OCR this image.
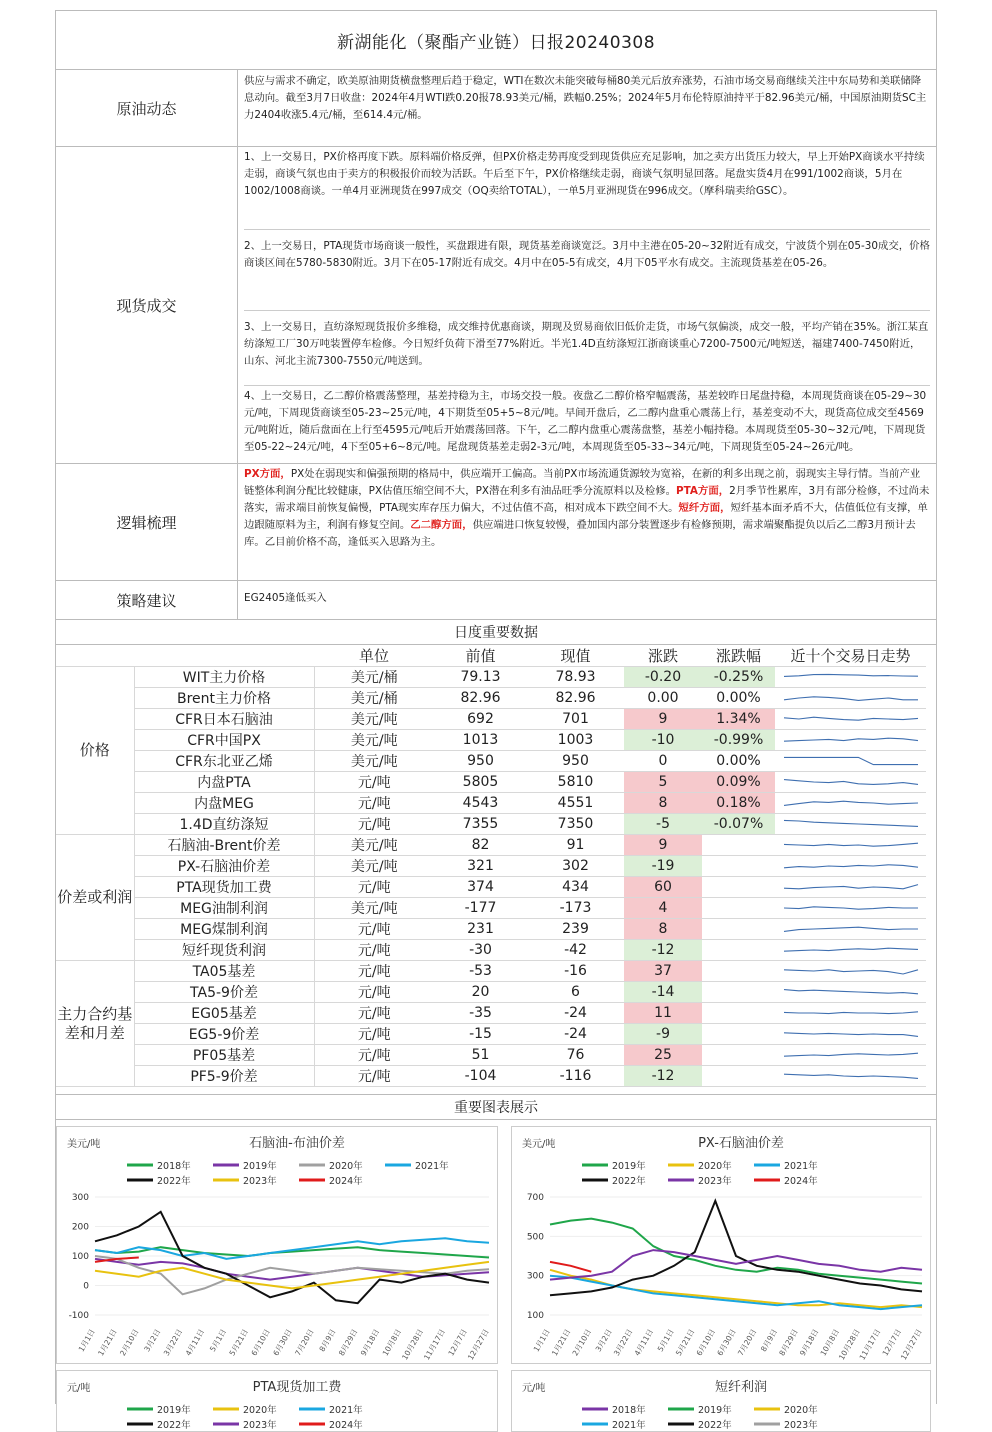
新湖能化（聚酯产业链）日报20240308
原油动态
供应与需求不确定，欧美原油期货横盘整理后趋于稳定，WTI在数次未能突破每桶80美元后放弃涨势，石油市场交易商继续关注中东局势和美联储降息动向。截至3月7日收盘：2024年4月WTI跌0.20报78.93美元/桶，跌幅0.25%；2024年5月布伦特原油持平于82.96美元/桶，中国原油期货SC主力2404收涨5.4元/桶，至614.4元/桶。
现货成交
1、上一交易日，PX价格再度下跌。原料端价格反弹，但PX价格走势再度受到现货供应充足影响，加之卖方出货压力较大，早上开始PX商谈水平持续走弱，商谈气氛也由于卖方的积极报价而较为活跃。午后至下午，PX价格继续走弱，商谈气氛明显回落。尾盘实货4月在991/1002商谈，5月在1002/1008商谈。一单4月亚洲现货在997成交（OQ卖给TOTAL），一单5月亚洲现货在996成交。（摩科瑞卖给GSC）。
2、上一交易日，PTA现货市场商谈一般性，买盘跟进有限，现货基差商谈宽泛。3月中主港在05-20~32附近有成交，宁波货个别在05-30成交，价格商谈区间在5780-5830附近。3月下在05-17附近有成交。4月中在05-5有成交，4月下05平水有成交。主流现货基差在05-26。
3、上一交易日，直纺涤短现货报价多维稳，成交维持优惠商谈，期现及贸易商依旧低价走货，市场气氛偏淡，成交一般，平均产销在35%。浙江某直纺涤短工厂30万吨装置停车检修。今日短纤负荷下滑至77%附近。半光1.4D直纺涤短江浙商谈重心7200-7500元/吨短送，福建7400-7450附近，山东、河北主流7300-7550元/吨送到。
4、上一交易日，乙二醇价格震荡整理，基差持稳为主，市场交投一般。夜盘乙二醇价格窄幅震荡，基差较昨日尾盘持稳，本周现货商谈在05-29~30元/吨，下周现货商谈至05-23~25元/吨，4下期货至05+5~8元/吨。早间开盘后，乙二醇内盘重心震荡上行，基差变动不大，现货高位成交至4569元/吨附近，随后盘面在上行至4595元/吨后开始震荡回落。下午，乙二醇内盘重心震荡盘整，基差小幅持稳。本周现货至05-30~32元/吨，下周现货至05-22~24元/吨，4下至05+6~8元/吨。尾盘现货基差走弱2-3元/吨，本周现货至05-33~34元/吨，下周现货至05-24~26元/吨。
逻辑梳理
PX方面，PX处在弱现实和偏强预期的格局中，供应端开工偏高。当前PX市场流通货源较为宽裕，在新的利多出现之前，弱现实主导行情。当前产业链整体利润分配比较健康，PX估值压缩空间不大，PX潜在利多有油品旺季分流原料以及检修。PTA方面，2月季节性累库，3月有部分检修，不过尚未落实，需求端目前恢复偏慢，PTA现实库存压力偏大，不过估值不高，相对成本下跌空间不大。短纤方面，短纤基本面矛盾不大，估值低位有支撑，单边跟随原料为主，利润有修复空间。乙二醇方面，供应端进口恢复较慢，叠加国内部分装置逐步有检修预期，需求端聚酯提负以后乙二醇3月预计去库。乙目前价格不高，逢低买入思路为主。
策略建议	EG2405逢低买入
日度重要数据
		单位	前值	现值	涨跌	涨跌幅	近十个交易日走势
价格	WIT主力价格	美元/桶	79.13	78.93	-0.20	-0.25%	

	Brent主力价格	美元/桶	82.96	82.96	0.00	0.00%	

	CFR日本石脑油	美元/吨	692	701	9	1.34%	

	CFR中国PX	美元/吨	1013	1003	-10	-0.99%	

	CFR东北亚乙烯	美元/吨	950	950	0	0.00%	

	内盘PTA	元/吨	5805	5810	5	0.09%	

	内盘MEG	元/吨	4543	4551	8	0.18%	

	1.4D直纺涤短	元/吨	7355	7350	-5	-0.07%	

价差或利润	石脑油-Brent价差	美元/吨	82	91	9		

	PX-石脑油价差	美元/吨	321	302	-19		

	PTA现货加工费	元/吨	374	434	60		

	MEG油制利润	美元/吨	-177	-173	4		

	MEG煤制利润	元/吨	231	239	8		

	短纤现货利润	元/吨	-30	-42	-12		

主力合约基差和月差	TA05基差	元/吨	-53	-16	37		

	TA5-9价差	元/吨	20	6	-14		

	EG05基差	元/吨	-35	-24	11		

	EG5-9价差	元/吨	-15	-24	-9		

	PF05基差	元/吨	51	76	25		

	PF5-9价差	元/吨	-104	-116	-12		
重要图表展示
美元/吨	石脑油-布油价差
2018年	2019年	2020年	2021年
2022年	2023年	2024年
300
200
100
0
-100
1月1日 1月21日 2月10日 3月2日 3月22日 4月11日 5月1日 5月21日 6月10日 6月30日 7月20日 8月9日 8月29日 9月18日 10月8日
10月28日
11月17日 12月7日
12月27日
美元/吨	PX-石脑油价差
2019年	2020年	2021年
2022年	2023年	2024年
700
500
300
100
1月1日
1月21日
2月10日 3月2日
3月22日
4月11日 5月1日
5月21日
6月10日
6月30日
7月20日 8月9日
8月29日
9月18日
10月8日
10月28日
11月17日
12月7日
12月27日
元/吨	PTA现货加工费
2019年	2020年	2021年
2022年	2023年	2024年
元/吨	短纤利润
2018年	2019年	2020年
2021年	2022年	2023年
